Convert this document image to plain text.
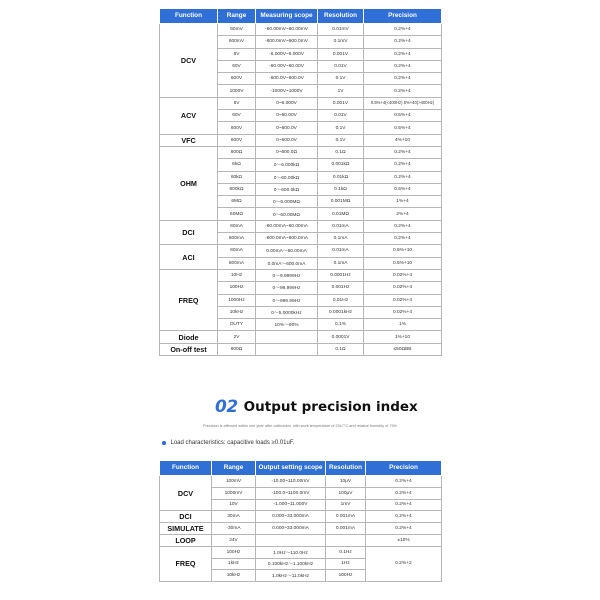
Function	Range	Measuring scope	Resolution	Precision
DCV	60mV	-60.00mV~60.00mV	0.01mV	0.2%+4
	600mV	-600.0mV~600.0mV	0.1mV	0.2%+4
	6V	-6.000V~6.000V	0.001V	0.2%+4
	60V	-60.00V~60.00V	0.01V	0.2%+4
	600V	-600.0V~600.0V	0.1V	0.2%+4
	1000V	-1000V~1000V	1V	0.2%+4
ACV	6V	0~6.000V	0.001V	0.5%+4(<400Hz) 5%+40(>400Hz)
	60V	0~60.00V	0.01V	0.5%+4
	600V	0~600.0V	0.1V	0.5%+4
VFC	600V	0~600.0V	0.1V	4%+10
OHM	600Ω	0~600.0Ω	0.1Ω	0.2%+4
	6kΩ	0～6.000kΩ	0.001kΩ	0.2%+4
	60kΩ	0～60.00kΩ	0.01kΩ	0.2%+4
	600kΩ	0～600.0kΩ	0.1kΩ	0.5%+4
	6MΩ	0～6.000MΩ	0.001MΩ	1%+4
	60MΩ	0～60.00MΩ	0.01MΩ	2%+4
DCI	60mA	-60.00mA~60.00mA	0.01mA	0.2%+4
	600mA	-600.0mA~600.0mA	0.1mA	0.2%+4
ACI	60mA	0.00mA～60.00mA	0.01mA	0.5%+10
	600mA	0.0mA～600.0mA	0.1mA	0.5%+10
FREQ	10Hz	0～9.9999Hz	0.0001Hz	0.02%+4
	100Hz	0～99.999Hz	0.001Hz	0.02%+4
	1000Hz	0～999.99Hz	0.01Hz	0.02%+4
	10kHz	0～5.0000kHz	0.0001kHz	0.02%+4
	DUTY	10%～90%	0.1%	1%
Diode	2V		0.0001V	1%+10
On-off test	600Ω		0.1Ω	≤50ΩBB
02 Output precision index
Precision is affirmed within one year after calibration, with work temperature of 23±7°C and relative humidity of 75%
Load characteristics: capacitive loads ≥0.01uF.
Function	Range	Output setting scope	Resolution	Precision
DCV	100mV	-10.00~110.00mV	10μV	0.2%+4
	1000mV	-100.0~1100.0mV	100μV	0.2%+4
	10V	-1.000~11.000V	1mV	0.2%+4
DCI	30mA	0.000~33.000mA	0.001mA	0.2%+4
SIMULATE	-30mA	0.000~33.000mA	0.001mA	0.2%+4
LOOP	24V			±10%
FREQ	100Hz	1.0Hz～110.0Hz	0.1Hz	0.2%+2
	1kHz	0.100kHz～1.100kHz	1Hz	
	10kHz	1.0kHz～11.0kHz	100Hz	
